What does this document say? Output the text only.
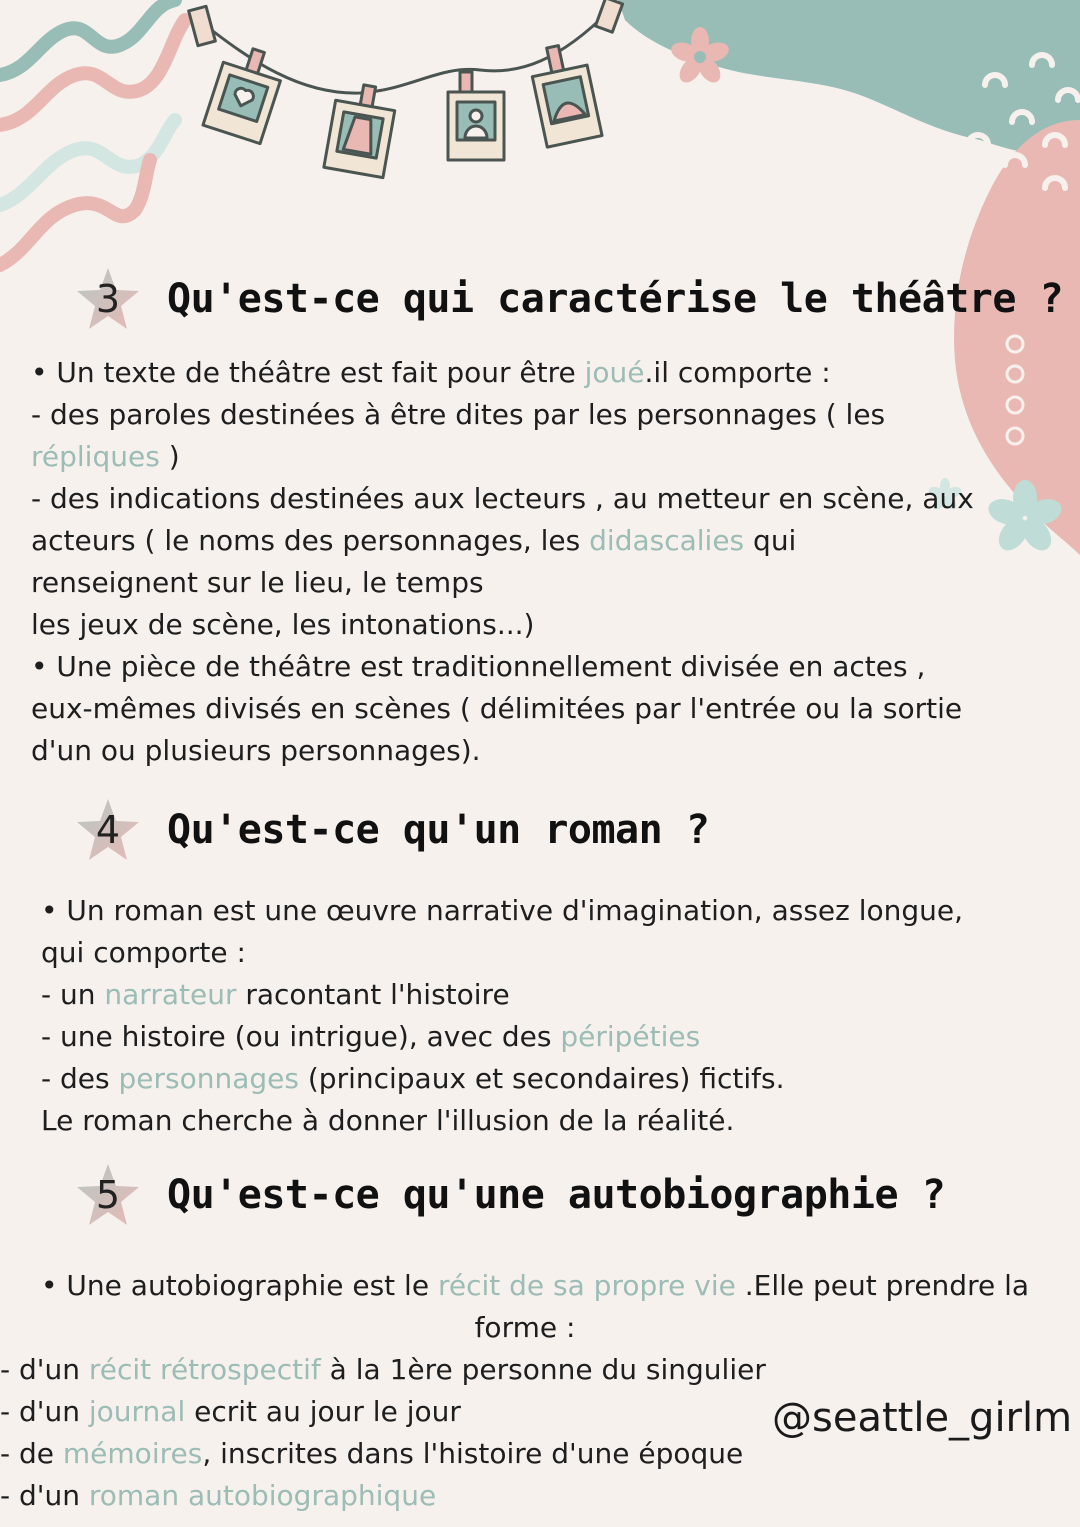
3	Qu'est-ce qui caractérise le théâtre ?
• Un texte de théâtre est fait pour être joué.il comporte :
- des paroles destinées à être dites par les personnages ( les
répliques )
- des indications destinées aux lecteurs , au metteur en scène, aux
acteurs ( le noms des personnages, les didascalies qui
renseignent sur le lieu, le temps
les jeux de scène, les intonations...)
• Une pièce de théâtre est traditionnellement divisée en actes ,
eux-mêmes divisés en scènes ( délimitées par l'entrée ou la sortie
d'un ou plusieurs personnages).
4	Qu'est-ce qu'un roman ?
• Un roman est une œuvre narrative d'imagination, assez longue,
qui comporte :
- un narrateur racontant l'histoire
- une histoire (ou intrigue), avec des péripéties
- des personnages (principaux et secondaires) fictifs.
Le roman cherche à donner l'illusion de la réalité.
5	Qu'est-ce qu'une autobiographie ?
• Une autobiographie est le récit de sa propre vie .Elle peut prendre la
forme :
- d'un récit rétrospectif à la 1ère personne du singulier
- d'un journal ecrit au jour le jour
- de mémoires, inscrites dans l'histoire d'une époque
- d'un roman autobiographique
@seattle_girlm
